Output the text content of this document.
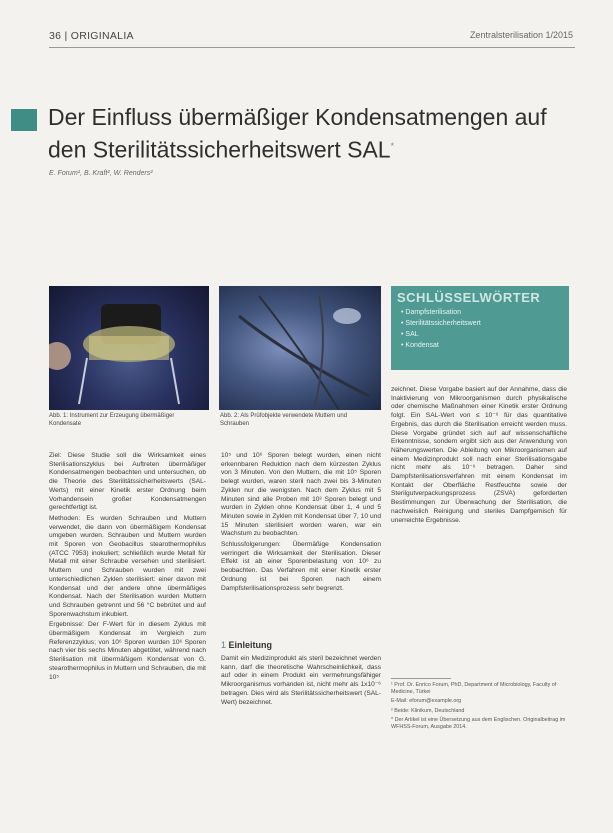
36 | ORIGINALIA	Zentralsterilisation 1/2015
Der Einfluss übermäßiger Kondensatmengen auf den Sterilitätssicherheitswert SAL*
E. Forum¹, B. Kraft², W. Renders²
Abb. 1: Instrument zur Erzeugung übermäßiger Kondensate
Abb. 2: Als Prüfobjekte verwendete Muttern und Schrauben
SCHLÜSSELWÖRTER
• Dampfsterilisation
• Sterilitätssicherheitswert
• SAL
• Kondensat

Ziel: Diese Studie soll die Wirksamkeit eines Sterilisationszyklus bei Auftreten übermäßiger Kondensatmengen beobachten und untersuchen, ob die Theorie des Sterilitätssicherheitswerts (SAL-Werts) mit einer Kinetik erster Ordnung beim Vorhandensein großer Kondensatmengen gerechtfertigt ist.

Methoden: Es wurden Schrauben und Muttern verwendet, die dann von übermäßigem Kondensat umgeben wurden. Schrauben und Muttern wurden mit Sporen von Geobacillus stearothermophilus (ATCC 7953) inokuliert; schließlich wurde Metall für Metall mit einer Schraube versehen und sterilisiert. Muttern und Schrauben wurden mit zwei unterschiedlichen Zyklen sterilisiert: einer davon mit Kondensat und der andere ohne übermäßiges Kondensat. Nach der Sterilisation wurden Muttern und Schrauben getrennt und 56 °C bebrütet und auf Sporenwachstum inkubiert.

Ergebnisse: Der F-Wert für in diesem Zyklus mit übermäßigem Kondensat im Vergleich zum Referenzzyklus; von 10⁶ Sporen wurden 10⁶ Sporen nach vier bis sechs Minuten abgetötet, während nach Sterilisation mit übermäßigem Kondensat von G. stearothermophilus in Muttern und Schrauben, die mit 10⁵

10⁵ und 10⁶ Sporen belegt wurden, einen nicht erkennbaren Reduktion nach dem kürzesten Zyklus von 3 Minuten. Von den Muttern, die mit 10⁵ Sporen belegt wurden, waren steril nach zwei bis 3-Minuten Zyklen nur die wenigsten. Nach dem Zyklus mit 5 Minuten sind alle Proben mit 10³ Sporen belegt und wurden in Zyklen ohne Kondensat über 1, 4 und 5 Minuten sowie in Zyklen mit Kondensat über 7, 10 und 15 Minuten sterilisiert worden waren, war ein Wachstum zu beobachten.

Schlussfolgerungen: Übermäßige Kondensation verringert die Wirksamkeit der Sterilisation. Dieser Effekt ist ab einer Sporenbelastung von 10⁶ zu beobachten. Das Verfahren mit einer Kinetik erster Ordnung ist bei Sporen nach einem Dampfsterilisationsprozess sehr begrenzt.

1 Einleitung

Damit ein Medizinprodukt als steril bezeichnet werden kann, darf die theoretische Wahrscheinlichkeit, dass auf oder in einem Produkt ein vermehrungsfähiger Mikroorganismus vorhanden ist, nicht mehr als 1x10⁻⁶ betragen. Dies wird als Sterilitätssicherheitswert (SAL-Wert) bezeichnet.

zeichnet. Diese Vorgabe basiert auf der Annahme, dass die Inaktivierung von Mikroorganismen durch physikalische oder chemische Maßnahmen einer Kinetik erster Ordnung folgt. Ein SAL-Wert von ≤ 10⁻⁶ für das quantitative Ergebnis, das durch die Sterilisation erreicht werden muss. Diese Vorgabe gründet sich auf auf wissenschaftliche Erkenntnisse, sondern ergibt sich aus der Anwendung von Näherungswerten. Die Ableitung von Mikroorganismen auf einem Medizinprodukt soll nach einer Sterilisationsgabe nicht mehr als 10⁻⁶ betragen. Daher sind Dampfsterilisationsverfahren mit einem Kondensat im Kontakt der Oberfläche Restfeuchte sowie der Sterilgutverpackungsprozess (ZSVA) geforderten Bestimmungen zur Überwachung der Sterilisation, die nachweislich Reinigung und steriles Dampfgemisch für unerreichte Ergebnisse.

¹ Prof. Dr. Enrico Forum, PhD, Department of Microbiology, Faculty of Medicine, Türkei

E-Mail: eforum@example.org

² Beide: Klinikum, Deutschland

* Der Artikel ist eine Übersetzung aus dem Englischen. Originalbeitrag im WFHSS-Forum, Ausgabe 2014.
